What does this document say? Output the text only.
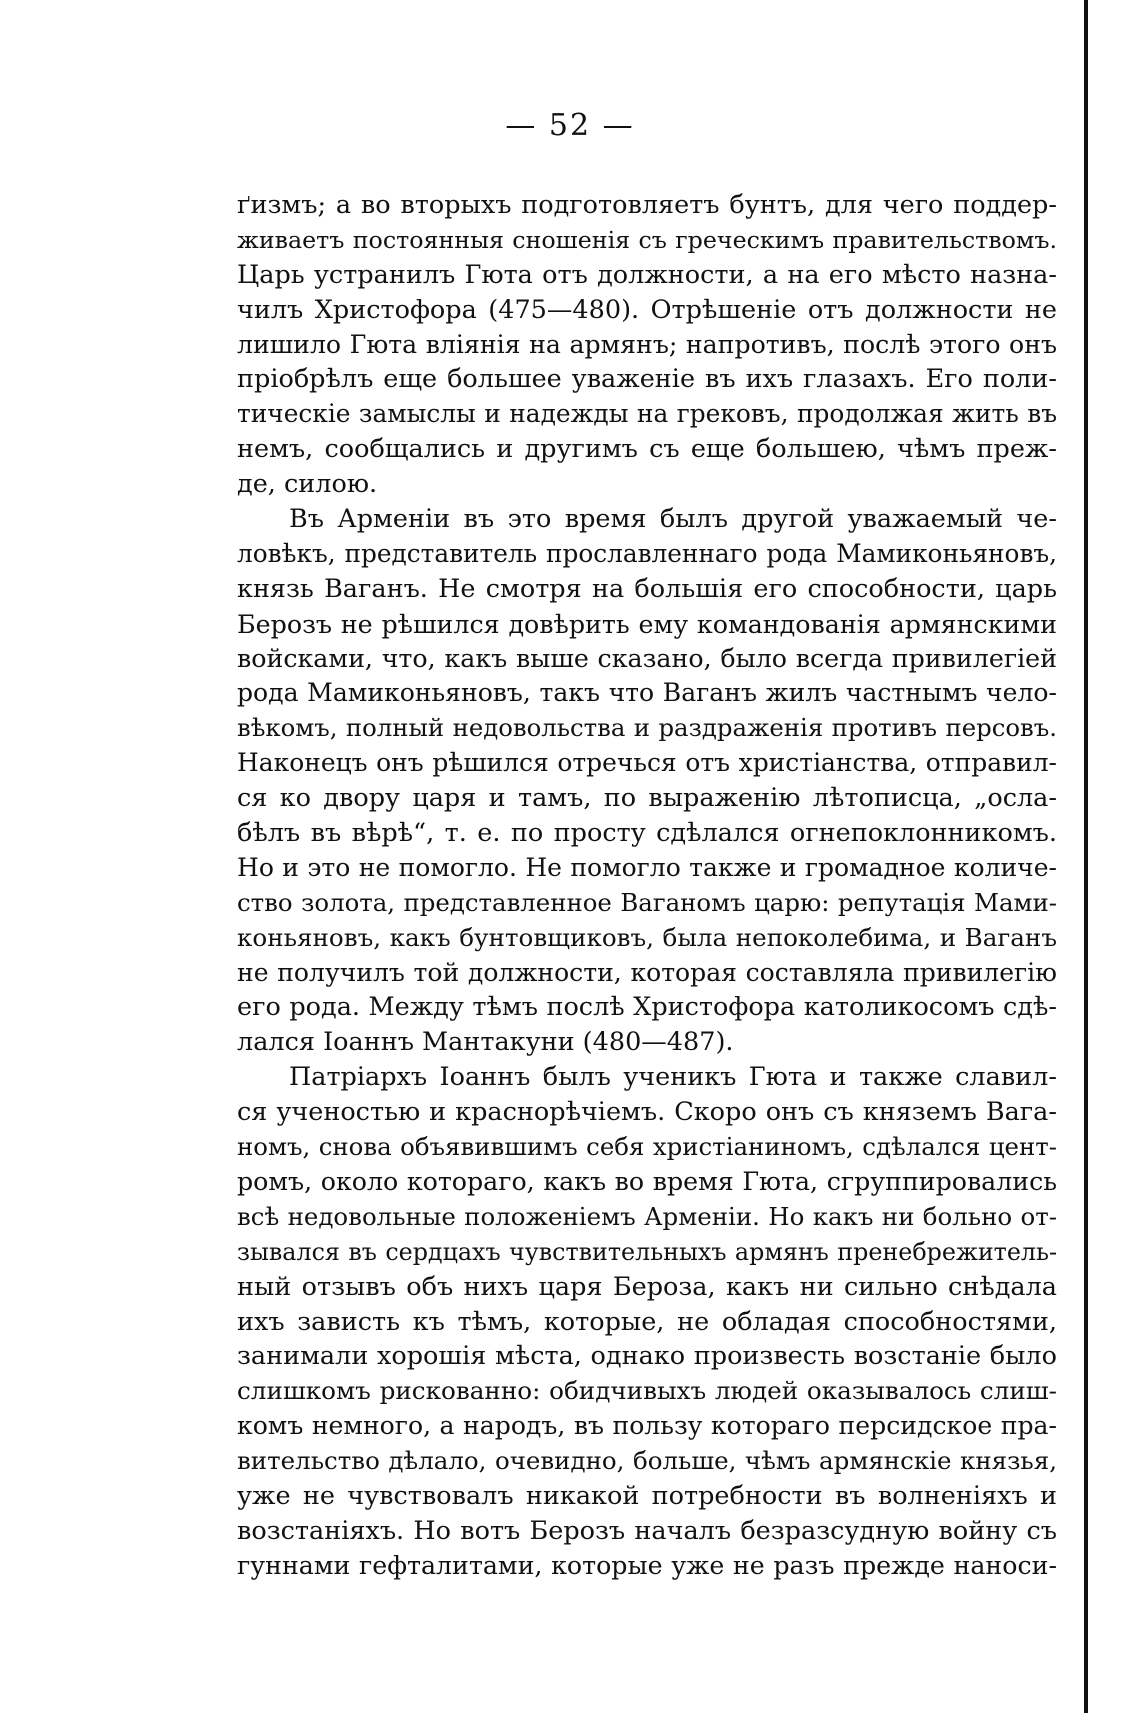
— 52 —
ґизмъ; а во вторыхъ подготовляетъ бунтъ, для чего поддер-
живаетъ постоянныя сношенія съ греческимъ правительствомъ.
Царь устранилъ Гюта отъ должности, а на его мѣсто назна-
чилъ Христофора (475—480). Отрѣшеніе отъ должности не
лишило Гюта вліянія на армянъ; напротивъ, послѣ этого онъ
пріобрѣлъ еще большее уваженіе въ ихъ глазахъ. Его поли-
тическіе замыслы и надежды на грековъ, продолжая жить въ
немъ, сообщались и другимъ съ еще большею, чѣмъ преж-
де, силою.
Въ Арменіи въ это время былъ другой уважаемый че-
ловѣкъ, представитель прославленнаго рода Мамиконьяновъ,
князь Ваганъ. Не смотря на большія его способности, царь
Берозъ не рѣшился довѣрить ему командованія армянскими
войсками, что, какъ выше сказано, было всегда привилегіей
рода Мамиконьяновъ, такъ что Ваганъ жилъ частнымъ чело-
вѣкомъ, полный недовольства и раздраженія противъ персовъ.
Наконецъ онъ рѣшился отречься отъ христіанства, отправил-
ся ко двору царя и тамъ, по выраженію лѣтописца, „осла-
бѣлъ въ вѣрѣ“, т. е. по просту сдѣлался огнепоклонникомъ.
Но и это не помогло. Не помогло также и громадное количе-
ство золота, представленное Ваганомъ царю: репутація Мами-
коньяновъ, какъ бунтовщиковъ, была непоколебима, и Ваганъ
не получилъ той должности, которая составляла привилегію
его рода. Между тѣмъ послѣ Христофора католикосомъ сдѣ-
лался Іоаннъ Мантакуни (480—487).
Патріархъ Іоаннъ былъ ученикъ Гюта и также славил-
ся ученостью и краснорѣчіемъ. Скоро онъ съ княземъ Вага-
номъ, снова объявившимъ себя христіаниномъ, сдѣлался цент-
ромъ, около котораго, какъ во время Гюта, сгруппировались
всѣ недовольные положеніемъ Арменіи. Но какъ ни больно от-
зывался въ сердцахъ чувствительныхъ армянъ пренебрежитель-
ный отзывъ объ нихъ царя Бероза, какъ ни сильно снѣдала
ихъ зависть къ тѣмъ, которые, не обладая способностями,
занимали хорошія мѣста, однако произвесть возстаніе было
слишкомъ рискованно: обидчивыхъ людей оказывалось слиш-
комъ немного, а народъ, въ пользу котораго персидское пра-
вительство дѣлало, очевидно, больше, чѣмъ армянскіе князья,
уже не чувствовалъ никакой потребности въ волненіяхъ и
возстаніяхъ. Но вотъ Берозъ началъ безразсудную войну съ
гуннами гефталитами, которые уже не разъ прежде наноси-
